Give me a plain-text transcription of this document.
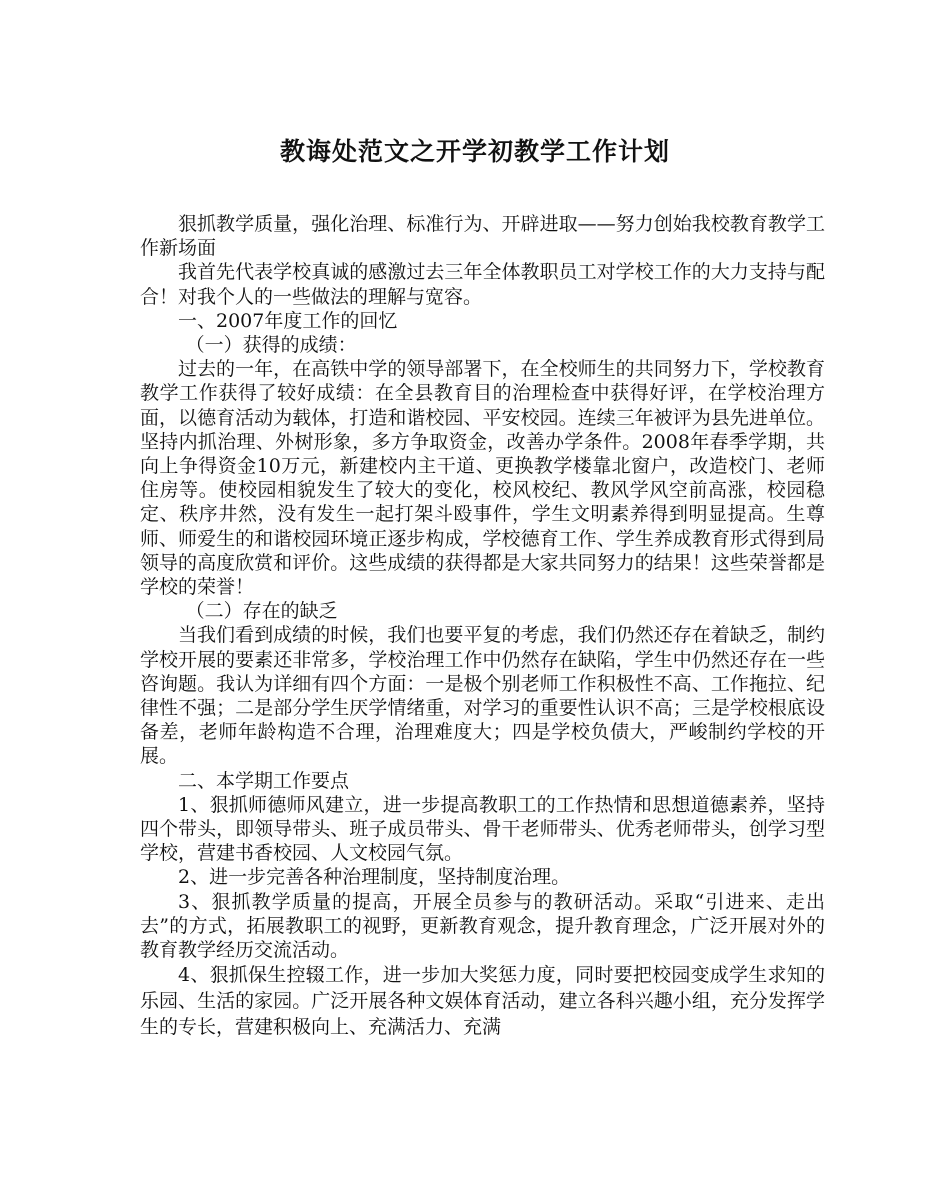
教诲处范文之开学初教学工作计划

狠抓教学质量，强化治理、标准行为、开辟进取——努力创始我校教育教学工作新场面

我首先代表学校真诚的感激过去三年全体教职员工对学校工作的大力支持与配合！对我个人的一些做法的理解与宽容。

一、2007年度工作的回忆

（一）获得的成绩：

过去的一年，在高铁中学的领导部署下，在全校师生的共同努力下，学校教育教学工作获得了较好成绩：在全县教育目的治理检查中获得好评，在学校治理方面，以德育活动为载体，打造和谐校园、平安校园。连续三年被评为县先进单位。坚持内抓治理、外树形象，多方争取资金，改善办学条件。2008年春季学期，共向上争得资金10万元，新建校内主干道、更换教学楼靠北窗户，改造校门、老师住房等。使校园相貌发生了较大的变化，校风校纪、教风学风空前高涨，校园稳定、秩序井然，没有发生一起打架斗殴事件，学生文明素养得到明显提高。生尊师、师爱生的和谐校园环境正逐步构成，学校德育工作、学生养成教育形式得到局领导的高度欣赏和评价。这些成绩的获得都是大家共同努力的结果！这些荣誉都是学校的荣誉！

（二）存在的缺乏

当我们看到成绩的时候，我们也要平复的考虑，我们仍然还存在着缺乏，制约学校开展的要素还非常多，学校治理工作中仍然存在缺陷，学生中仍然还存在一些咨询题。我认为详细有四个方面：一是极个别老师工作积极性不高、工作拖拉、纪律性不强；二是部分学生厌学情绪重，对学习的重要性认识不高；三是学校根底设备差，老师年龄构造不合理，治理难度大；四是学校负债大，严峻制约学校的开展。

二、本学期工作要点

1、狠抓师德师风建立，进一步提高教职工的工作热情和思想道德素养，坚持四个带头，即领导带头、班子成员带头、骨干老师带头、优秀老师带头，创学习型学校，营建书香校园、人文校园气氛。

2、进一步完善各种治理制度，坚持制度治理。

3、狠抓教学质量的提高，开展全员参与的教研活动。采取“引进来、走出去”的方式，拓展教职工的视野，更新教育观念，提升教育理念，广泛开展对外的教育教学经历交流活动。

4、狠抓保生控辍工作，进一步加大奖惩力度，同时要把校园变成学生求知的乐园、生活的家园。广泛开展各种文娱体育活动，建立各科兴趣小组，充分发挥学生的专长，营建积极向上、充满活力、充满
